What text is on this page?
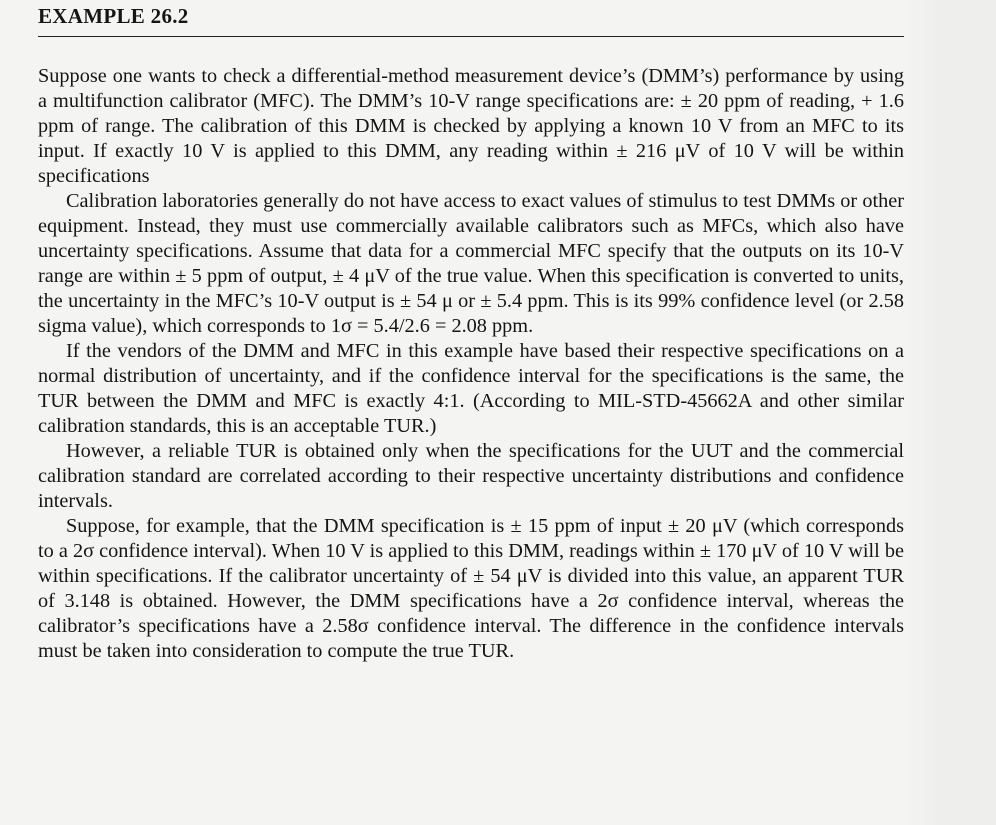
EXAMPLE 26.2

Suppose one wants to check a differential-method measurement device’s (DMM’s) performance by using a multifunction calibrator (MFC). The DMM’s 10-V range specifications are: ± 20 ppm of reading, + 1.6 ppm of range. The calibration of this DMM is checked by applying a known 10 V from an MFC to its input. If exactly 10 V is applied to this DMM, any reading within ± 216 μV of 10 V will be within specifications

Calibration laboratories generally do not have access to exact values of stimulus to test DMMs or other equipment. Instead, they must use commercially available calibrators such as MFCs, which also have uncertainty specifications. Assume that data for a commercial MFC specify that the outputs on its 10-V range are within ± 5 ppm of output, ± 4 μV of the true value. When this specification is converted to units, the uncertainty in the MFC’s 10-V output is ± 54 μ or ± 5.4 ppm. This is its 99% confidence level (or 2.58 sigma value), which corresponds to 1σ = 5.4/2.6 = 2.08 ppm.

If the vendors of the DMM and MFC in this example have based their respective specifications on a normal distribution of uncertainty, and if the confidence interval for the specifications is the same, the TUR between the DMM and MFC is exactly 4:1. (According to MIL-STD-45662A and other similar calibration standards, this is an acceptable TUR.)

However, a reliable TUR is obtained only when the specifications for the UUT and the commercial calibration standard are correlated according to their respective uncertainty distributions and confidence intervals.

Suppose, for example, that the DMM specification is ± 15 ppm of input ± 20 μV (which corresponds to a 2σ confidence interval). When 10 V is applied to this DMM, readings within ± 170 μV of 10 V will be within specifications. If the calibrator uncertainty of ± 54 μV is divided into this value, an apparent TUR of 3.148 is obtained. However, the DMM specifications have a 2σ confidence interval, whereas the calibrator’s specifications have a 2.58σ confidence interval. The difference in the confidence intervals must be taken into consideration to compute the true TUR.
